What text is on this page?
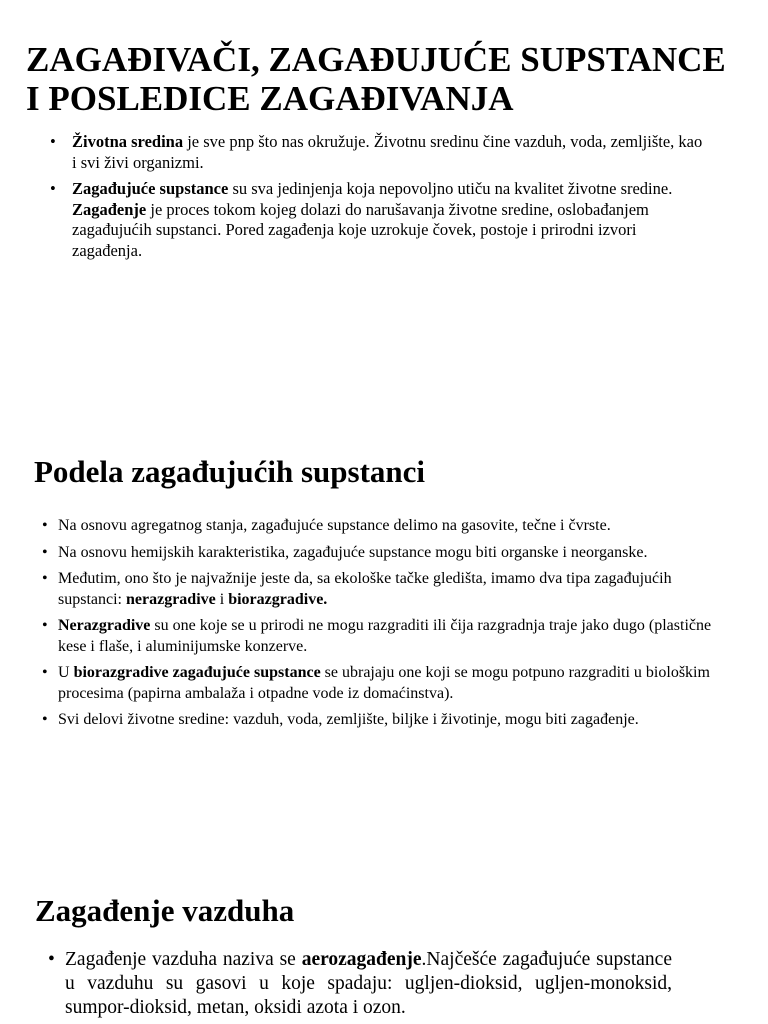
ZAGAĐIVAČI, ZAGAĐUJUĆE SUPSTANCE I POSLEDICE ZAGAĐIVANJA
• Životna sredina je sve pnp što nas okružuje. Životnu sredinu čine vazduh, voda, zemljište, kao i svi živi organizmi.
• Zagađujuće supstance su sva jedinjenja koja nepovoljno utiču na kvalitet životne sredine. Zagađenje je proces tokom kojeg dolazi do narušavanja životne sredine, oslobađanjem zagađujućih supstanci. Pored zagađenja koje uzrokuje čovek, postoje i prirodni izvori zagađenja.
Podela zagađujućih supstanci
• Na osnovu agregatnog stanja, zagađujuće supstance delimo na gasovite, tečne i čvrste.
• Na osnovu hemijskih karakteristika, zagađujuće supstance mogu biti organske i neorganske.
• Međutim, ono što je najvažnije jeste da, sa ekološke tačke gledišta, imamo dva tipa zagađujućih supstanci: nerazgradive i biorazgradive.
• Nerazgradive su one koje se u prirodi ne mogu razgraditi ili čija razgradnja traje jako dugo (plastične kese i flaše, i aluminijumske konzerve.
• U biorazgradive zagađujuće supstance se ubrajaju one koji se mogu potpuno razgraditi u biološkim procesima (papirna ambalaža i otpadne vode iz domaćinstva).
• Svi delovi životne sredine: vazduh, voda, zemljište, biljke i životinje, mogu biti zagađenje.
Zagađenje vazduha
• Zagađenje vazduha naziva se aerozagađenje.Najčešće zagađujuće supstance u vazduhu su gasovi u koje spadaju: ugljen-dioksid, ugljen-monoksid, sumpor-dioksid, metan, oksidi azota i ozon.
